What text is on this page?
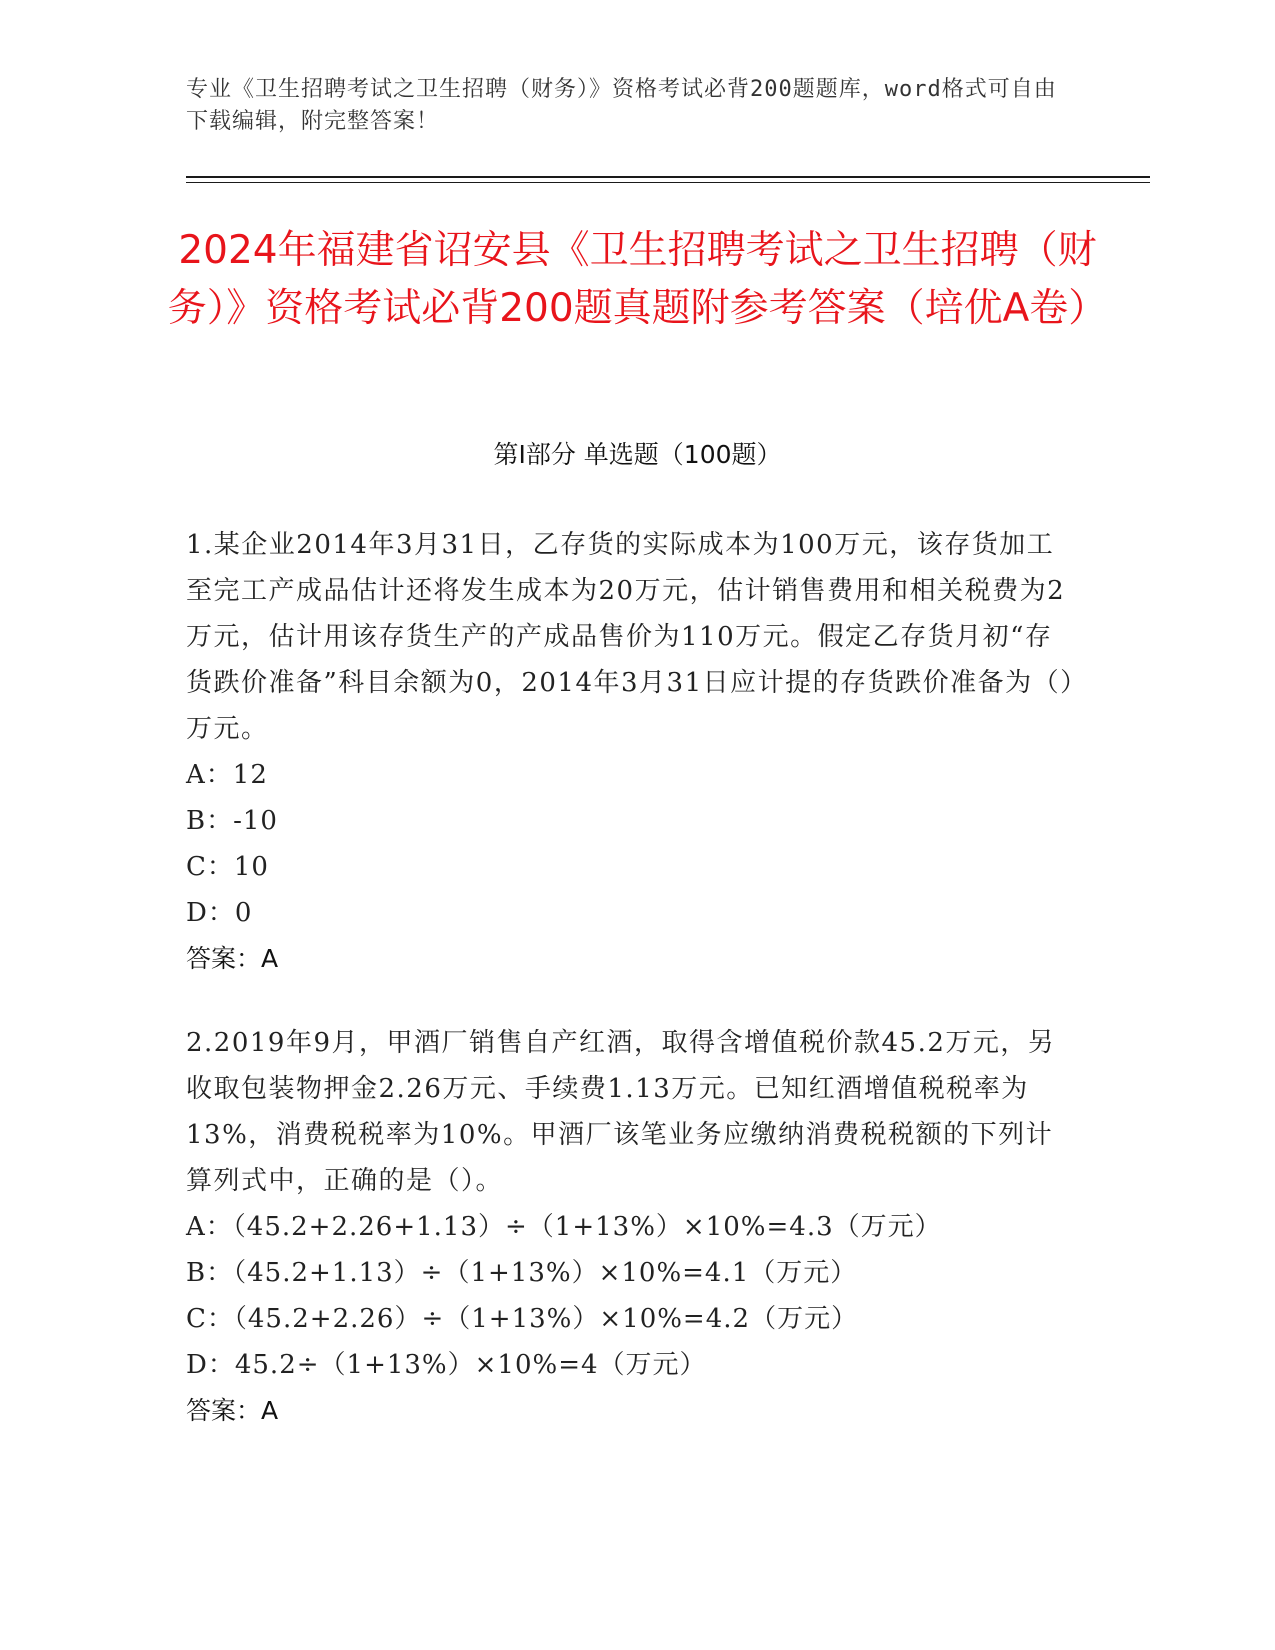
专业《卫生招聘考试之卫生招聘（财务）》资格考试必背200题题库，word格式可自由下载编辑，附完整答案！
2024年福建省诏安县《卫生招聘考试之卫生招聘（财务）》资格考试必背200题真题附参考答案（培优A卷）
第Ⅰ部分 单选题（100题）

1.某企业2014年3月31日，乙存货的实际成本为100万元，该存货加工至完工产成品估计还将发生成本为20万元，估计销售费用和相关税费为2万元，估计用该存货生产的产成品售价为110万元。假定乙存货月初“存货跌价准备”科目余额为0，2014年3月31日应计提的存货跌价准备为（）万元。

A：12

B：-10

C：10

D：0

答案：A

2.2019年9月，甲酒厂销售自产红酒，取得含增值税价款45.2万元，另收取包装物押金2.26万元、手续费1.13万元。已知红酒增值税税率为13%，消费税税率为10%。甲酒厂该笔业务应缴纳消费税税额的下列计算列式中，正确的是（）。

A：（45.2+2.26+1.13）÷（1+13%）×10%=4.3（万元）

B：（45.2+1.13）÷（1+13%）×10%=4.1（万元）

C：（45.2+2.26）÷（1+13%）×10%=4.2（万元）

D：45.2÷（1+13%）×10%=4（万元）

答案：A
